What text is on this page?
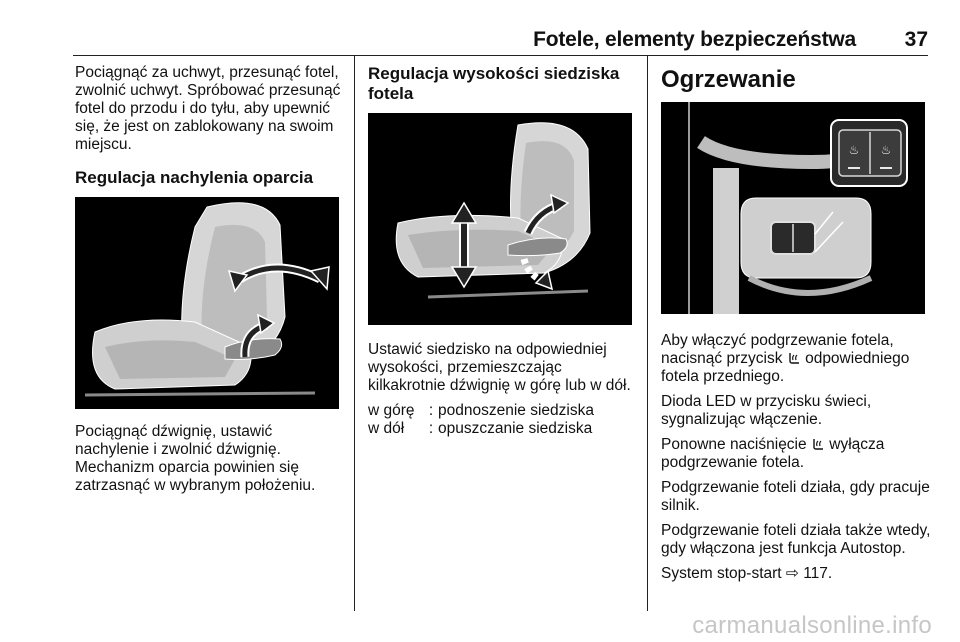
Fotele, elementy bezpieczeństwa	37

Pociągnąć za uchwyt, przesunąć fotel, zwolnić uchwyt. Spróbować przesunąć fotel do przodu i do tyłu, aby upewnić się, że jest on zablokowany na swoim miejscu.

Regulacja nachylenia oparcia

Pociągnąć dźwignię, ustawić nachylenie i zwolnić dźwignię. Mechanizm oparcia powinien się zatrzasnąć w wybranym położeniu.

Regulacja wysokości siedziska fotela

Ustawić siedzisko na odpowiedniej wysokości, przemieszczając kilkakrotnie dźwignię w górę lub w dół.

w górę	:	podnoszenie siedziska
w dół	:	opuszczanie siedziska
Ogrzewanie
♨ ♨

Aby włączyć podgrzewanie fotela, nacisnąć przycisk  odpowiedniego fotela przedniego.

Dioda LED w przycisku świeci, sygnalizując włączenie.

Ponowne naciśnięcie  wyłącza podgrzewanie fotela.

Podgrzewanie foteli działa, gdy pracuje silnik.

Podgrzewanie foteli działa także wtedy, gdy włączona jest funkcja Autostop.

System stop-start ⇨ 117.

carmanualsonline.info
